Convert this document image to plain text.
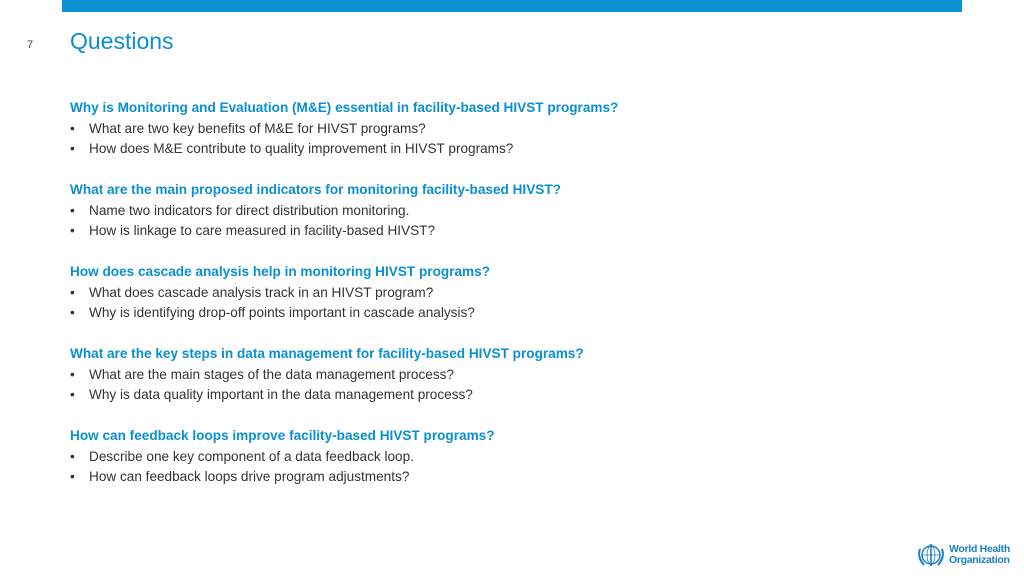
7 Questions
Why is Monitoring and Evaluation (M&E) essential in facility-based HIVST programs?
• What are two key benefits of M&E for HIVST programs?
• How does M&E contribute to quality improvement in HIVST programs?
What are the main proposed indicators for monitoring facility-based HIVST?
• Name two indicators for direct distribution monitoring.
• How is linkage to care measured in facility-based HIVST?
How does cascade analysis help in monitoring HIVST programs?
• What does cascade analysis track in an HIVST program?
• Why is identifying drop-off points important in cascade analysis?
What are the key steps in data management for facility-based HIVST programs?
• What are the main stages of the data management process?
• Why is data quality important in the data management process?
How can feedback loops improve facility-based HIVST programs?
• Describe one key component of a data feedback loop.
• How can feedback loops drive program adjustments?
World Health
Organization
